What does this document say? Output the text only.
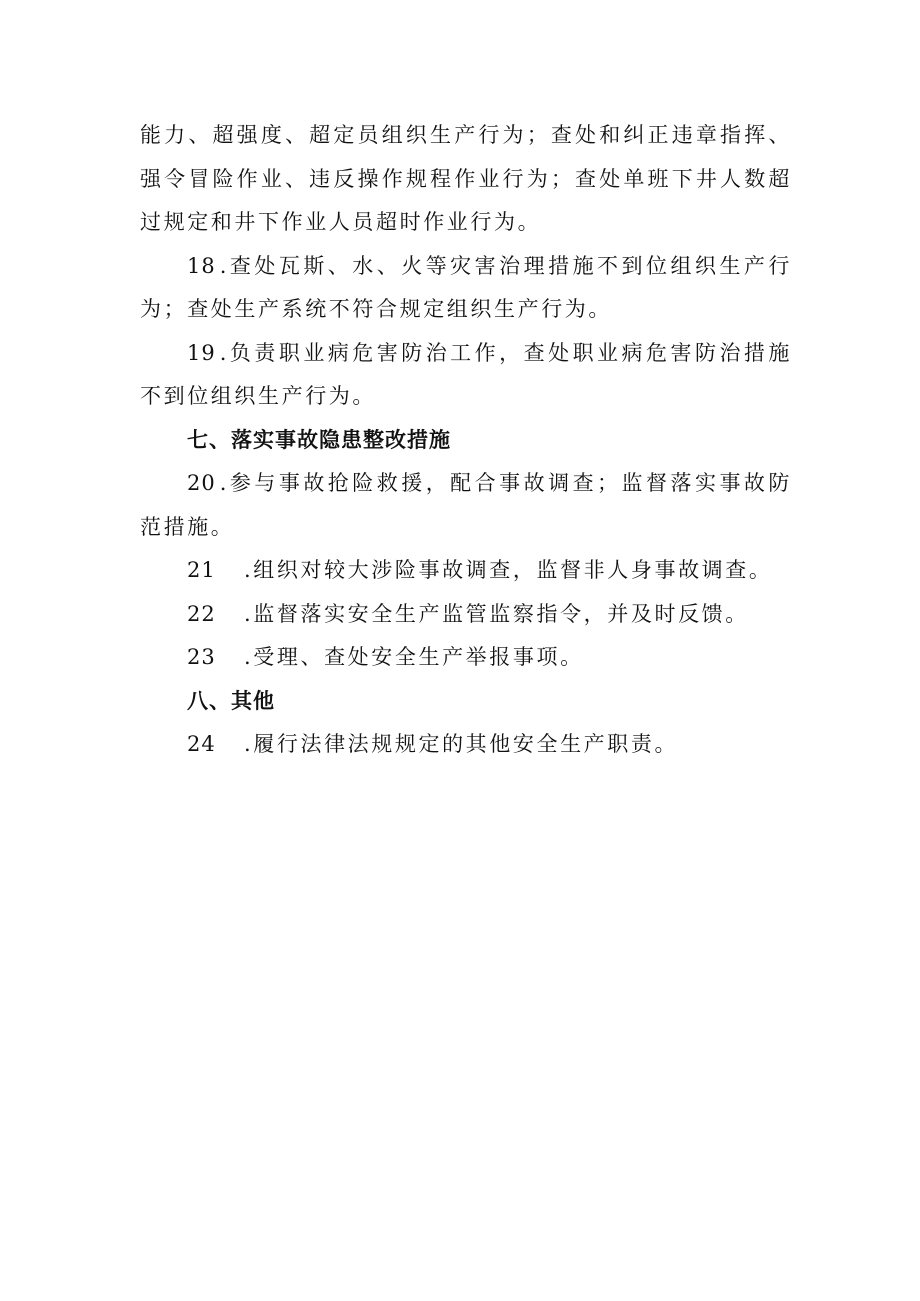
能力、超强度、超定员组织生产行为；查处和纠正违章指挥、强令冒险作业、违反操作规程作业行为；查处单班下井人数超过规定和井下作业人员超时作业行为。

18 .查处瓦斯、水、火等灾害治理措施不到位组织生产行为；查处生产系统不符合规定组织生产行为。

19 .负责职业病危害防治工作，查处职业病危害防治措施不到位组织生产行为。

七、落实事故隐患整改措施

20 .参与事故抢险救援，配合事故调查；监督落实事故防范措施。

21 .组织对较大涉险事故调查，监督非人身事故调查。

22 .监督落实安全生产监管监察指令，并及时反馈。

23 .受理、查处安全生产举报事项。

八、其他

24 .履行法律法规规定的其他安全生产职责。
